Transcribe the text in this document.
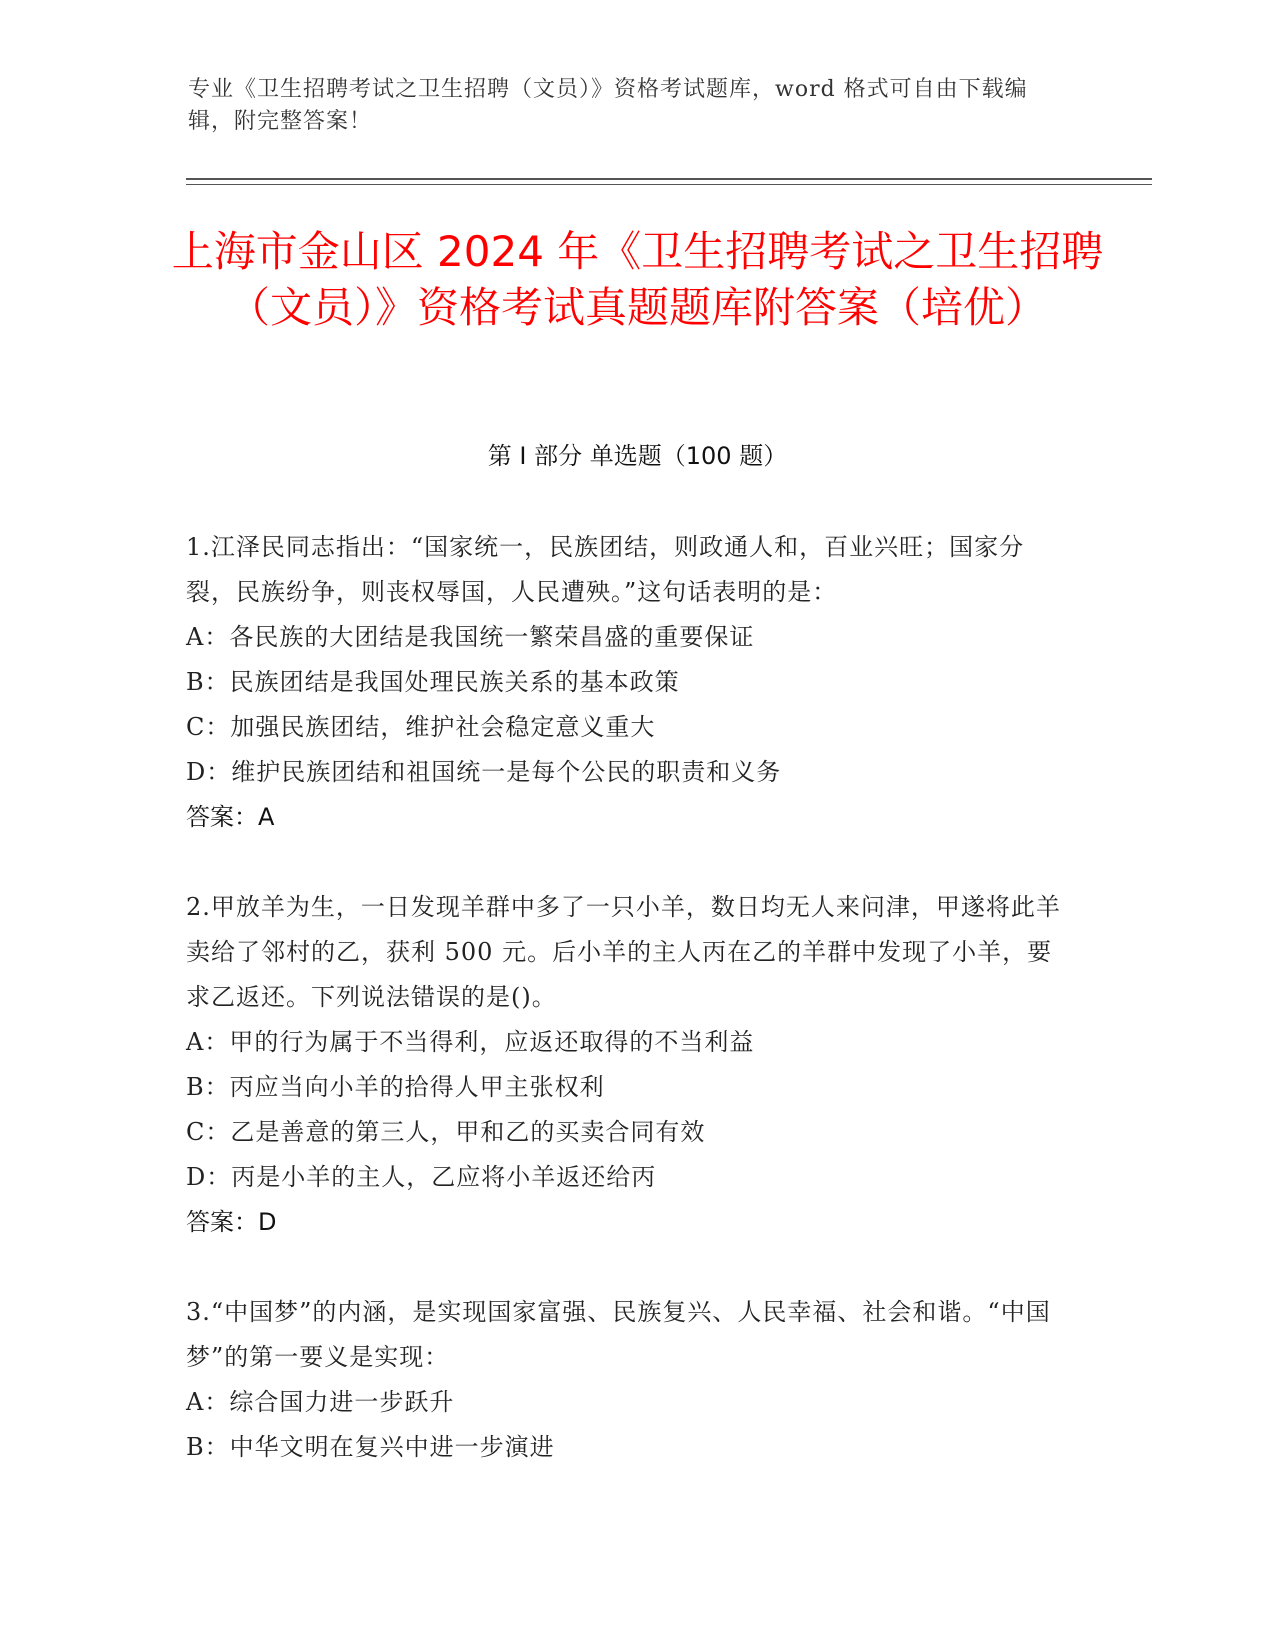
专业《卫生招聘考试之卫生招聘（文员）》资格考试题库，word 格式可自由下载编辑，附完整答案！
上海市金山区 2024 年《卫生招聘考试之卫生招聘（文员）》资格考试真题题库附答案（培优）
第 I 部分 单选题（100 题）
1.江泽民同志指出：“国家统一，民族团结，则政通人和，百业兴旺；国家分裂，民族纷争，则丧权辱国，人民遭殃。”这句话表明的是：
A：各民族的大团结是我国统一繁荣昌盛的重要保证
B：民族团结是我国处理民族关系的基本政策
C：加强民族团结，维护社会稳定意义重大
D：维护民族团结和祖国统一是每个公民的职责和义务
答案：A
2.甲放羊为生，一日发现羊群中多了一只小羊，数日均无人来问津，甲遂将此羊卖给了邻村的乙，获利 500 元。后小羊的主人丙在乙的羊群中发现了小羊，要求乙返还。下列说法错误的是()。
A：甲的行为属于不当得利，应返还取得的不当利益
B：丙应当向小羊的拾得人甲主张权利
C：乙是善意的第三人，甲和乙的买卖合同有效
D：丙是小羊的主人，乙应将小羊返还给丙
答案：D
3.“中国梦”的内涵，是实现国家富强、民族复兴、人民幸福、社会和谐。“中国梦”的第一要义是实现：
A：综合国力进一步跃升
B：中华文明在复兴中进一步演进
